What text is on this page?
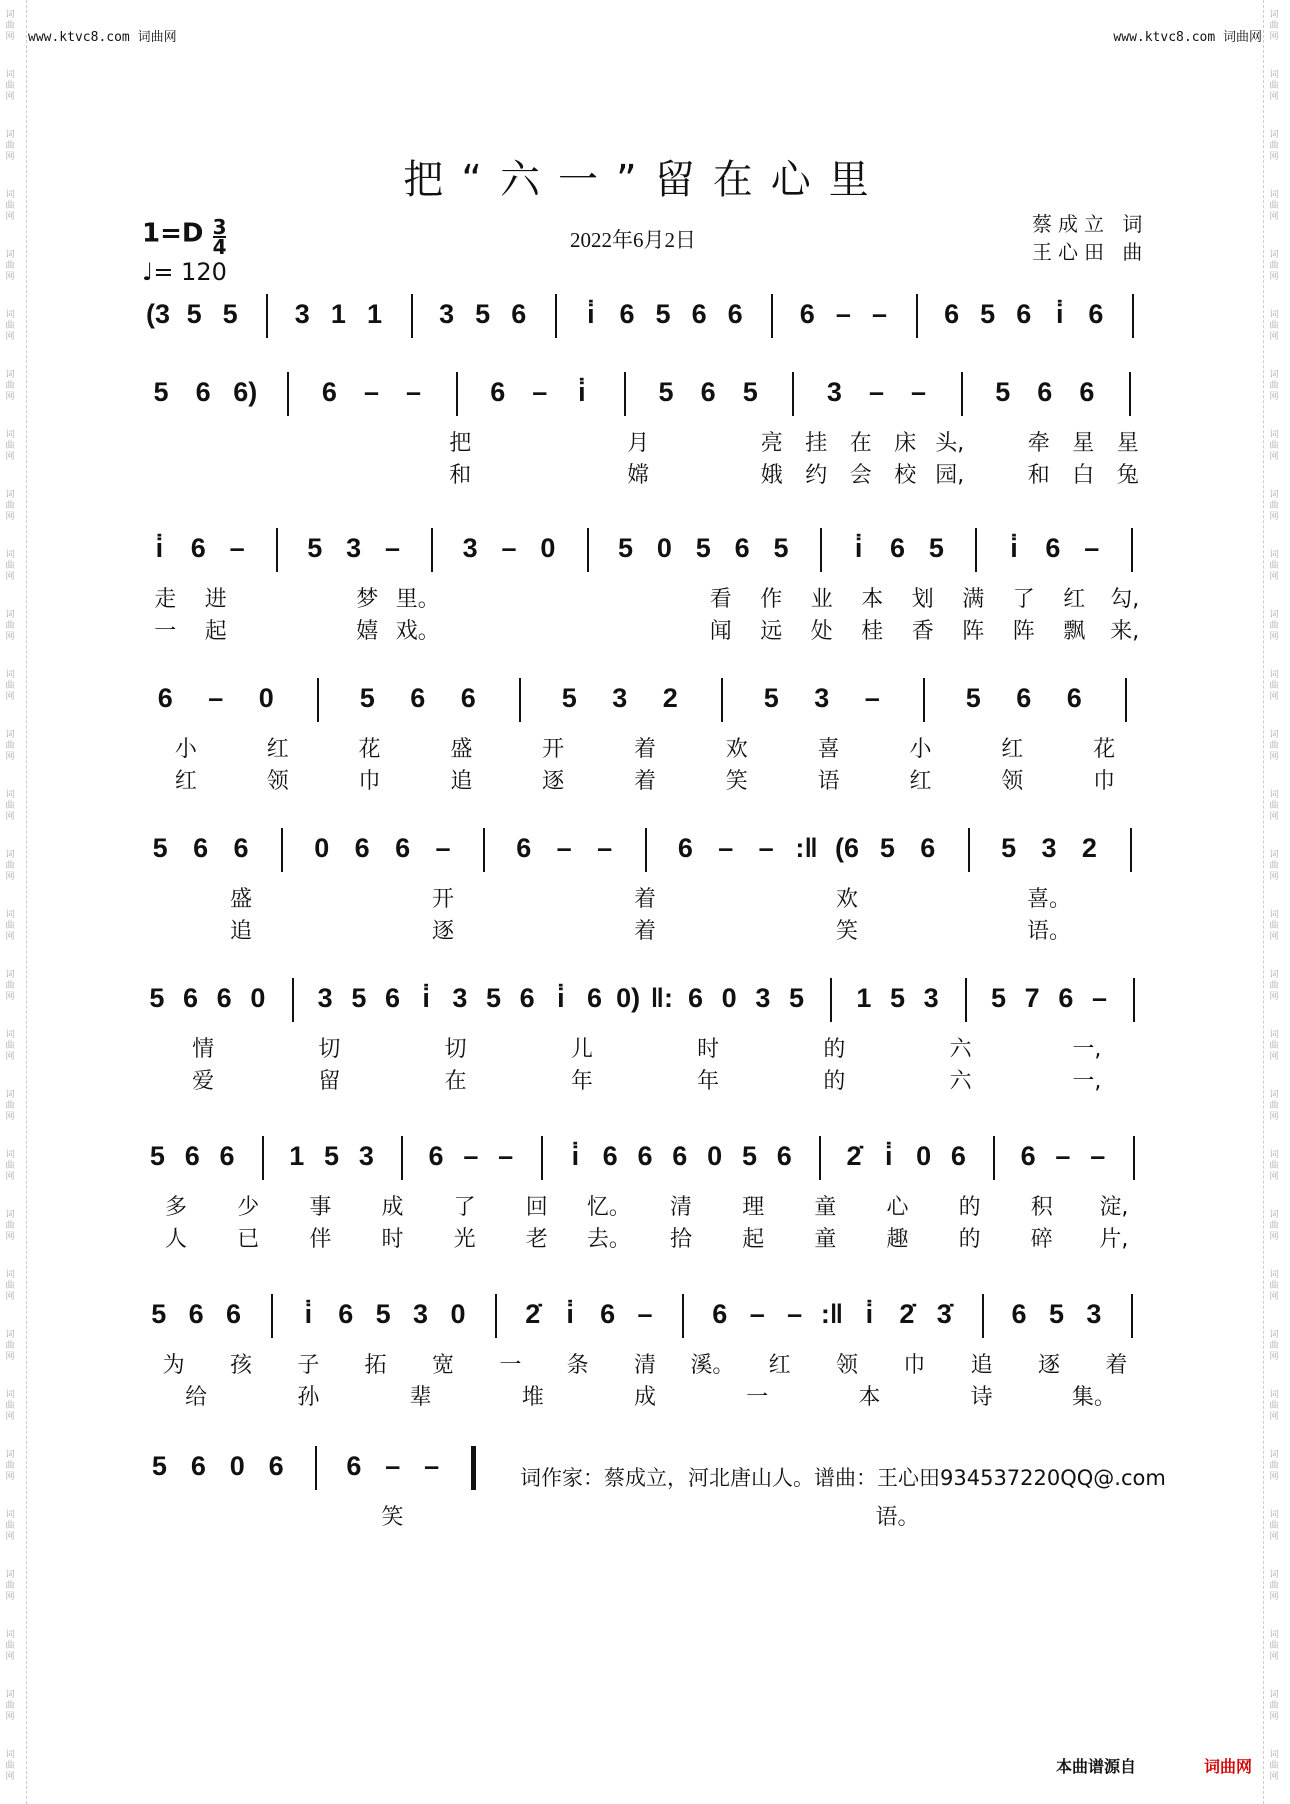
词
曲
网
词
曲
网
词
曲
网
词
曲
网
词
曲
网
词
曲
网
词
曲
网
词
曲
网
词
曲
网
词
曲
网
词
曲
网
词
曲
网
词
曲
网
词
曲
网
词
曲
网
词
曲
网
词
曲
网
词
曲
网
词
曲
网
词
曲
网
词
曲
网
词
曲
网
词
曲
网
词
曲
网
词
曲
网
词
曲
网
词
曲
网
词
曲
网
词
曲
网
词
曲
网
词
曲
网
词
曲
网
词
曲
网
词
曲
网
词
曲
网
词
曲
网
词
曲
网
词
曲
网
词
曲
网
词
曲
网
词
曲
网
词
曲
网
词
曲
网
词
曲
网
词
曲
网
词
曲
网
词
曲
网
词
曲
网
词
曲
网
词
曲
网
词
曲
网
词
曲
网
词
曲
网
词
曲
网
词
曲
网
词
曲
网
词
曲
网
词
曲
网
词
曲
网
词
曲
网
www.ktvc8.com 词曲网	www.ktvc8.com 词曲网
把“六一”留在心里
$1=D \frac{3}{4}$
♩= 120
2022年6月2日
蔡成立 词
王心田 曲
(3 5 5 3 1 1 3 5 6 i̇ 6 5 6 6 6 – – 6 5 6 i̇ 6
5 6 6) 6 – –	6 – i̇	5 6 5	3 – –	5 6 6
把	月	亮 挂 在 床 头,	牵 星 星
和	嫦	娥 约 会 校 园,	和 白 兔
i̇ 6 – 5 3 – 3 – 0 5 0 5 6 5 i̇ 6 5 i̇ 6 –
走 进	梦 里。	看 作 业 本 划 满 了 红 勾,
一 起	嬉 戏。	闻 远 处 桂 香 阵 阵 飘 来,
6 – 0	5 6 6	5 3 2	5 3 –	5 6 6
小	红	花	盛	开	着	欢	喜	小	红	花
红	领	巾	追	逐	着	笑	语	红	领	巾
5 6 6 0 6 6 – 6 – – 6 – – :‖ (6 5 6 5 3 2
盛	开	着	欢	喜。
追	逐	着	笑	语。
5 6 6 0 3 5 6 i̇ 3 5 6 i̇ 6 0) ‖: 6 0 3 5 1 5 3 5 7 6 –
情	切	切	儿	时	的	六	一,
爱	留	在	年	年	的	六	一,
5 6 6 1 5 3 6 – – i̇ 6 6 6 0 5 6 2̇ i̇ 0 6 6 – –
多 少 事 成 了 回 忆。 清 理 童 心 的 积 淀,
人 已 伴 时 光 老 去。 拾 起 童 趣 的 碎 片,
5 6 6 i̇ 6 5 3 0 2̇ i̇ 6 – 6 – – :‖ i̇ 2̇ 3̇ 6 5 3
为 孩 子 拓 宽 一 条 清 溪。 红 领 巾 追 逐 着
给	孙	辈	堆	成	一	本	诗	集。
5 6 0 6 6 – –
笑	语。
词作家：蔡成立，河北唐山人。谱曲：王心田934537220QQ@.com
本曲谱源自	词曲网
